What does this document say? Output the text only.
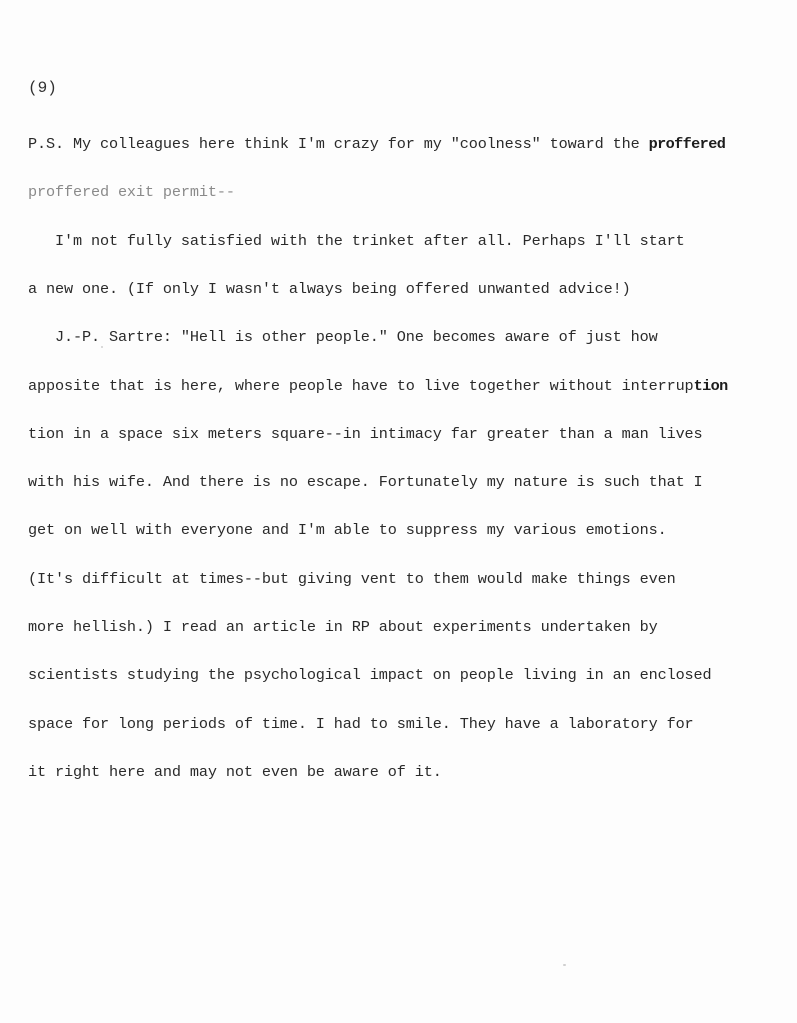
(9)

P.S. My colleagues here think I'm crazy for my "coolness" toward the proffered

proffered exit permit--

I'm not fully satisfied with the trinket after all. Perhaps I'll start

a new one. (If only I wasn't always being offered unwanted advice!)

J.-P. Sartre: "Hell is other people." One becomes aware of just how

apposite that is here, where people have to live together without interruption

tion in a space six meters square--in intimacy far greater than a man lives

with his wife. And there is no escape. Fortunately my nature is such that I

get on well with everyone and I'm able to suppress my various emotions.

(It's difficult at times--but giving vent to them would make things even

more hellish.) I read an article in RP about experiments undertaken by

scientists studying the psychological impact on people living in an enclosed

space for long periods of time. I had to smile. They have a laboratory for

it right here and may not even be aware of it.
